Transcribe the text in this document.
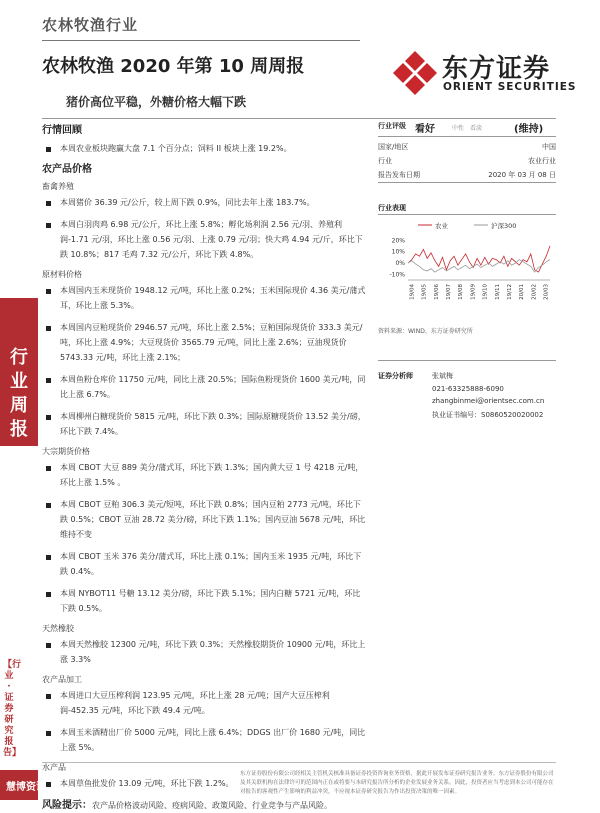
农林牧渔行业
农林牧渔 2020 年第 10 周周报
猪价高位平稳，外糖价格大幅下跌
东方证券
ORIENT SECURITIES
行
业
周
报
【行业·证券研究报告】
慧博资讯
行情回顾
本周农业板块跑赢大盘 7.1 个百分点；饲料 II 板块上涨 19.2%。
农产品价格
畜禽养殖
本周猪价 36.39 元/公斤，较上周下跌 0.9%，同比去年上涨 183.7%。
本周白羽肉鸡 6.98 元/公斤，环比上涨 5.8%；孵化场利润 2.56 元/羽、养殖利润-1.71 元/羽，环比上涨 0.56 元/羽、上涨 0.79 元/羽；快大鸡 4.94 元/斤，环比下跌 10.8%；817 毛鸡 7.32 元/公斤，环比下跌 4.8%。
原材料价格
本周国内玉米现货价 1948.12 元/吨，环比上涨 0.2%；玉米国际现价 4.36 美元/蒲式耳，环比上涨 5.3%。
本周国内豆粕现货价 2946.57 元/吨，环比上涨 2.5%；豆粕国际现货价 333.3 美元/吨，环比上涨 4.9%；大豆现货价 3565.79 元/吨，同比上涨 2.6%；豆油现货价 5743.33 元/吨，环比上涨 2.1%；
本周鱼粉仓库价 11750 元/吨，同比上涨 20.5%；国际鱼粉现货价 1600 美元/吨，同比上涨 6.7%。
本周柳州白糖现货价 5815 元/吨，环比下跌 0.3%；国际原糖现货价 13.52 美分/磅，环比下跌 7.4%。
大宗期货价格
本周 CBOT 大豆 889 美分/蒲式耳，环比下跌 1.3%；国内黄大豆 1 号 4218 元/吨，环比上涨 1.5% 。
本周 CBOT 豆粕 306.3 美元/短吨，环比下跌 0.8%；国内豆粕 2773 元/吨，环比下跌 0.5%；CBOT 豆油 28.72 美分/磅，环比下跌 1.1%；国内豆油 5678 元/吨，环比维持不变
本周 CBOT 玉米 376 美分/蒲式耳，环比上涨 0.1%；国内玉米 1935 元/吨，环比下跌 0.4%。
本周 NYBOT11 号糖 13.12 美分/磅，环比下跌 5.1%；国内白糖 5721 元/吨，环比下跌 0.5%。
天然橡胶
本周天然橡胶 12300 元/吨，环比下跌 0.3%；天然橡胶期货价 10900 元/吨，环比上涨 3.3%
农产品加工
本周进口大豆压榨利润 123.95 元/吨，环比上涨 28 元/吨；国产大豆压榨利润-452.35 元/吨，环比下跌 49.4 元/吨。
本周玉米酒精出厂价 5000 元/吨，同比上涨 6.4%；DDGS 出厂价 1680 元/吨，同比上涨 5%。
水产品
本周草鱼批发价 13.09 元/吨，环比下跌 1.2%。
风险提示：农产品价格波动风险、疫病风险、政策风险、行业竞争与产品风险。
行业评级 看好	中性 看淡	(维持)
国家/地区	中国
行业	农业行业
报告发布日期	2020 年 03 月 08 日
行业表现
农业	沪深300
20%
10%
0%
-10%
19/04 19/05 19/06 19/07 19/08 19/09 19/10 19/11 19/12 20/01 20/02 20/03
资料来源：WIND、东方证券研究所
证券分析师	张斌梅
021-63325888-6090
zhangbinmei@orientsec.com.cn
执业证书编号：S0860520020002
东方证券股份有限公司经相关主管机关核准具备证券投资咨询业务资格，据此开展发布证券研究报告业务。东方证券股份有限公司及其关联机构在法律许可的范围内正在或将要与本研究报告所分析的企业发展业务关系。因此，投资者应当考虑到本公司可能存在对报告的客观性产生影响的利益冲突，不应视本证券研究报告为作出投资决策的唯一因素。
